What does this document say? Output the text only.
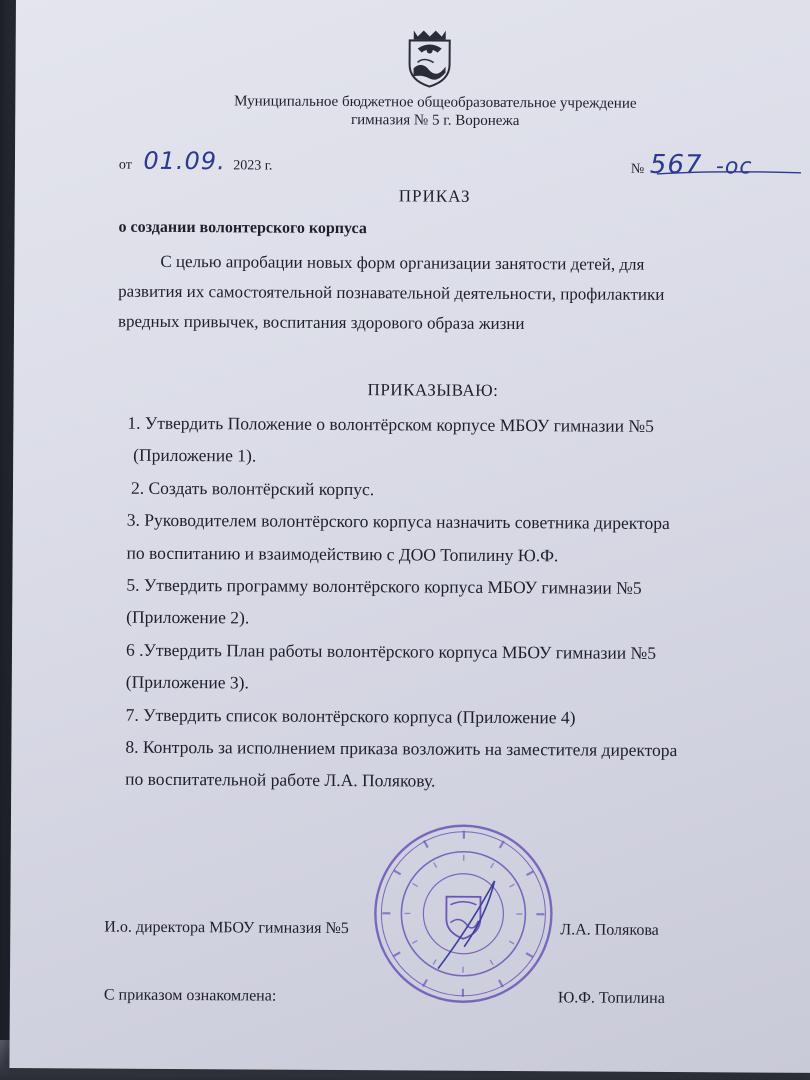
Муниципальное бюджетное общеобразовательное учреждение
гимназия № 5 г. Воронежа
от 01.09. 2023 г.	№ 567 -ос
ПРИКАЗ
о создании волонтерского корпуса
С целью апробации новых форм организации занятости детей, для
развития их самостоятельной познавательной деятельности, профилактики
вредных привычек, воспитания здорового образа жизни
ПРИКАЗЫВАЮ:
1. Утвердить Положение о волонтёрском корпусе МБОУ гимназии №5
(Приложение 1).
2. Создать волонтёрский корпус.
3. Руководителем волонтёрского корпуса назначить советника директора
по воспитанию и взаимодействию с ДОО Топилину Ю.Ф.
5. Утвердить программу волонтёрского корпуса МБОУ гимназии №5
(Приложение 2).
6 .Утвердить План работы волонтёрского корпуса МБОУ гимназии №5
(Приложение 3).
7. Утвердить список волонтёрского корпуса (Приложение 4)
8. Контроль за исполнением приказа возложить на заместителя директора
по воспитательной работе Л.А. Полякову.
И.о. директора МБОУ гимназия №5	Л.А. Полякова
С приказом ознакомлена:	Ю.Ф. Топилина
